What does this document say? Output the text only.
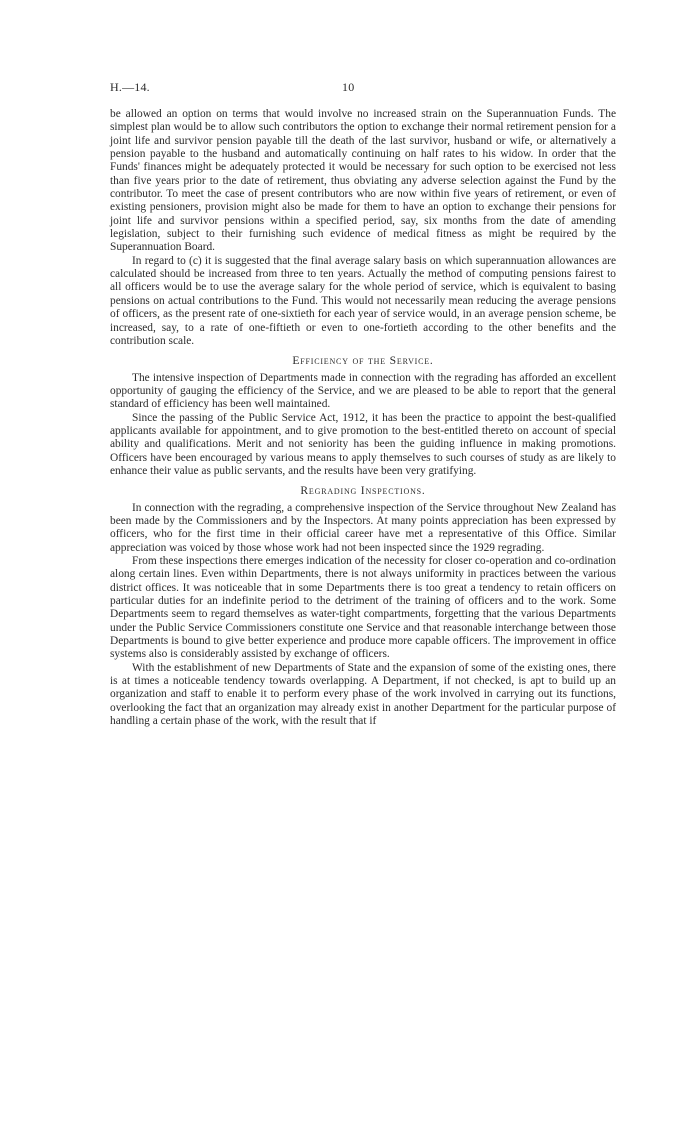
H.—14.	10

be allowed an option on terms that would involve no increased strain on the Superannuation Funds. The simplest plan would be to allow such contributors the option to exchange their normal retirement pension for a joint life and survivor pension payable till the death of the last survivor, husband or wife, or alternatively a pension payable to the husband and automatically continuing on half rates to his widow. In order that the Funds' finances might be adequately protected it would be necessary for such option to be exercised not less than five years prior to the date of retirement, thus obviating any adverse selection against the Fund by the contributor. To meet the case of present contributors who are now within five years of retirement, or even of existing pensioners, provision might also be made for them to have an option to exchange their pensions for joint life and survivor pensions within a specified period, say, six months from the date of amending legislation, subject to their furnishing such evidence of medical fitness as might be required by the Superannuation Board.

In regard to (c) it is suggested that the final average salary basis on which superannuation allowances are calculated should be increased from three to ten years. Actually the method of computing pensions fairest to all officers would be to use the average salary for the whole period of service, which is equivalent to basing pensions on actual contributions to the Fund. This would not necessarily mean reducing the average pensions of officers, as the present rate of one-sixtieth for each year of service would, in an average pension scheme, be increased, say, to a rate of one-fiftieth or even to one-fortieth according to the other benefits and the contribution scale.

Efficiency of the Service.

The intensive inspection of Departments made in connection with the regrading has afforded an excellent opportunity of gauging the efficiency of the Service, and we are pleased to be able to report that the general standard of efficiency has been well maintained.

Since the passing of the Public Service Act, 1912, it has been the practice to appoint the best-qualified applicants available for appointment, and to give promotion to the best-entitled thereto on account of special ability and qualifications. Merit and not seniority has been the guiding influence in making promotions. Officers have been encouraged by various means to apply themselves to such courses of study as are likely to enhance their value as public servants, and the results have been very gratifying.

Regrading Inspections.

In connection with the regrading, a comprehensive inspection of the Service throughout New Zealand has been made by the Commissioners and by the Inspectors. At many points appreciation has been expressed by officers, who for the first time in their official career have met a representative of this Office. Similar appreciation was voiced by those whose work had not been inspected since the 1929 regrading.

From these inspections there emerges indication of the necessity for closer co-operation and co-ordination along certain lines. Even within Departments, there is not always uniformity in practices between the various district offices. It was noticeable that in some Departments there is too great a tendency to retain officers on particular duties for an indefinite period to the detriment of the training of officers and to the work. Some Departments seem to regard themselves as water-tight compartments, forgetting that the various Departments under the Public Service Commissioners constitute one Service and that reasonable interchange between those Departments is bound to give better experience and produce more capable officers. The improvement in office systems also is considerably assisted by exchange of officers.

With the establishment of new Departments of State and the expansion of some of the existing ones, there is at times a noticeable tendency towards overlapping. A Department, if not checked, is apt to build up an organization and staff to enable it to perform every phase of the work involved in carrying out its functions, overlooking the fact that an organization may already exist in another Department for the particular purpose of handling a certain phase of the work, with the result that if
